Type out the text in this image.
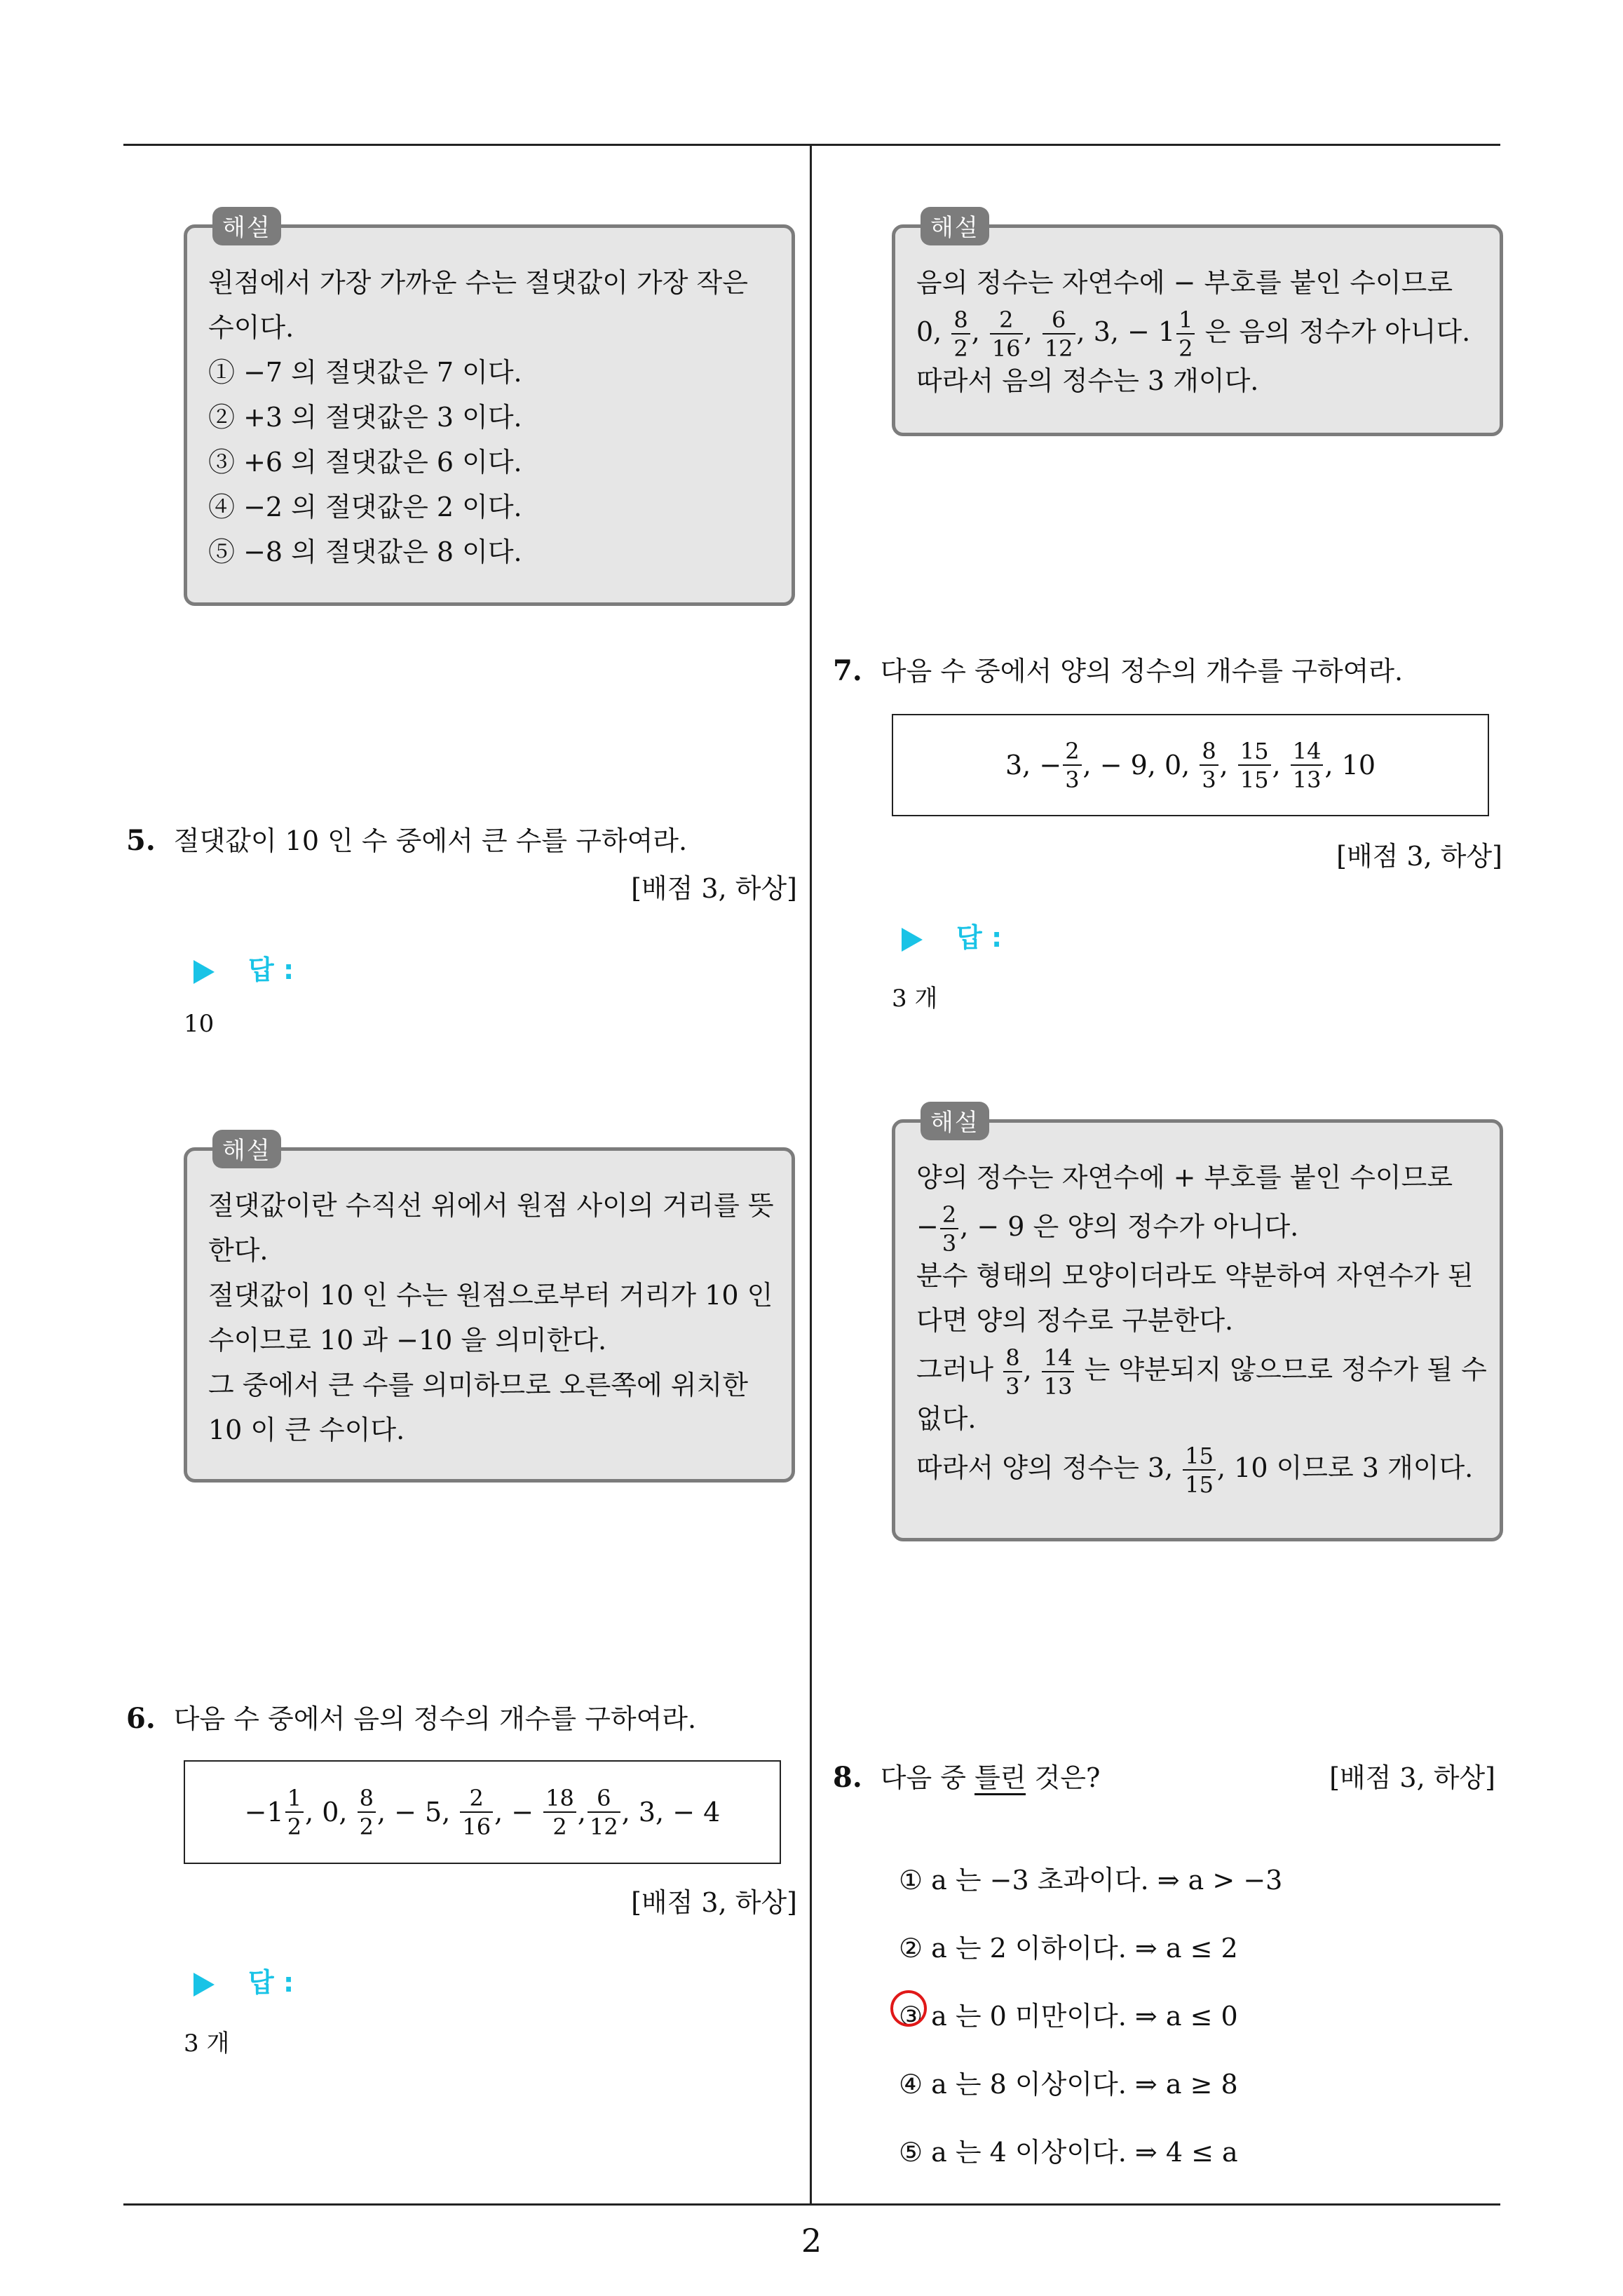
해설
원점에서 가장 가까운 수는 절댓값이 가장 작은
수이다.
① −7 의 절댓값은 7 이다.
② +3 의 절댓값은 3 이다.
③ +6 의 절댓값은 6 이다.
④ −2 의 절댓값은 2 이다.
⑤ −8 의 절댓값은 8 이다.
5. 절댓값이 10 인 수 중에서 큰 수를 구하여라.
[배점 3, 하상]
답 :
10
해설
절댓값이란 수직선 위에서 원점 사이의 거리를 뜻
한다.
절댓값이 10 인 수는 원점으로부터 거리가 10 인
수이므로 10 과 −10 을 의미한다.
그 중에서 큰 수를 의미하므로 오른쪽에 위치한
10 이 큰 수이다.
6. 다음 수 중에서 음의 정수의 개수를 구하여라.
$-1 \frac{1}{2}$ , 0,
$\frac{8}{2}$ , − 5,
$\frac{2}{16}$ , −
$\frac{18}{2}$ , $\frac{6}{12}$ , 3, − 4
[배점 3, 하상]
답 :
3 개
해설
음의 정수는 자연수에 − 부호를 붙인 수이므로
0, $\frac{8}{2}$ , $\frac{2}{16}$ , $\frac{6}{12}$ , 3, − $1 \frac{1}{2}$ 은 음의 정수가 아니다.
따라서 음의 정수는 3 개이다.
7. 다음 수 중에서 양의 정수의 개수를 구하여라.
3, − $\frac{2}{3}$ , − 9, 0,
$\frac{8}{3}$ ,
$\frac{15}{15}$ ,
$\frac{14}{13}$ , 10
[배점 3, 하상]
답 :
3 개
해설
양의 정수는 자연수에 + 부호를 붙인 수이므로
− $\frac{2}{3}$ , − 9 은 양의 정수가 아니다.
분수 형태의 모양이더라도 약분하여 자연수가 된
다면 양의 정수로 구분한다.
그러나 $\frac{8}{3}$ , $\frac{14}{13}$ 는 약분되지 않으므로 정수가 될 수
없다.
따라서 양의 정수는 3, $\frac{15}{15}$ , 10 이므로 3 개이다.
8. 다음 중 틀린 것은?	[배점 3, 하상]
① a 는 −3 초과이다. ⇒ a > −3
② a 는 2 이하이다. ⇒ a ≤ 2
③ a 는 0 미만이다. ⇒ a ≤ 0
④ a 는 8 이상이다. ⇒ a ≥ 8
⑤ a 는 4 이상이다. ⇒ 4 ≤ a
2
